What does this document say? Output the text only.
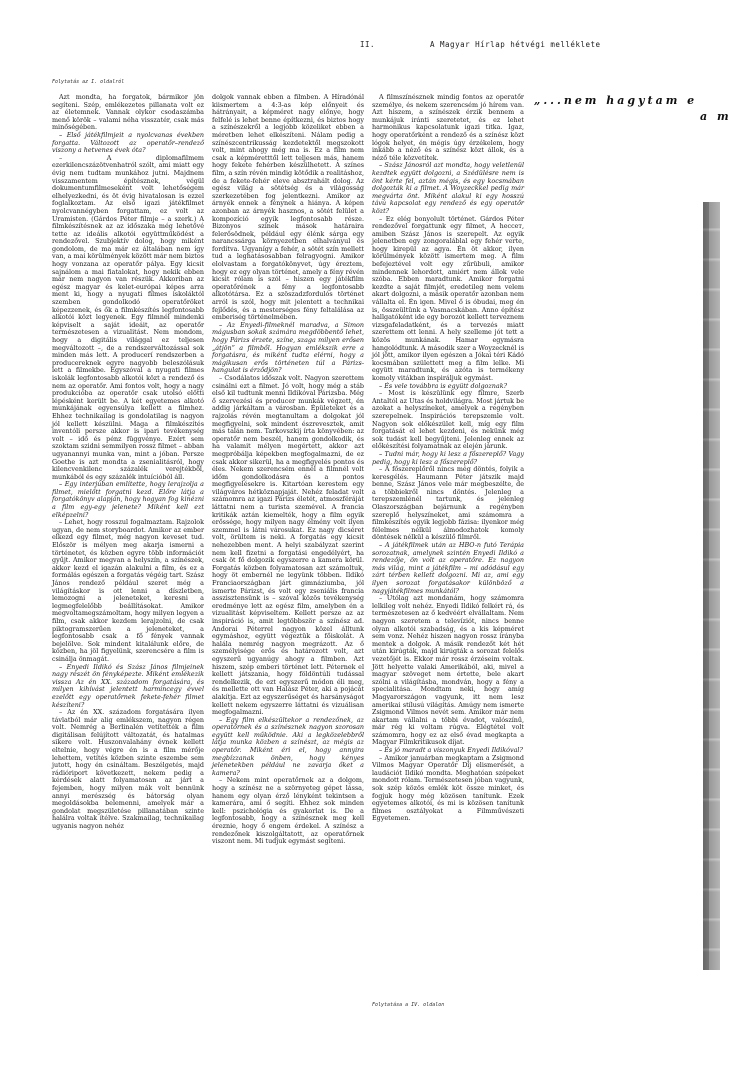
II.	A Magyar Hírlap hétvégi melléklete
Folytatás az I. oldalról

Azt mondta, ha forgatok, bármikor jön segíteni. Szép, emlékezetes pillanata volt ez az életemnek. Vannak olykor csodaszámba menő körök – valami néha visszatér, csak más minőségében.

– Első játékfilmjeit a nyolcvanas években forgatta. Változott az operatőr–rendező viszony a hetvenes évek óta?

– A diplomafilmem ezerkilencszázötvenhatról szólt, ami miatt egy évig nem tudtam munkához jutni. Majdnem visszamentem építésznek, végül dokumentumfilmeseként volt lehetőségem elhelyezkedni, és öt évig hivatalosan is ezzel foglalkoztam. Az első igazi játékfilmet nyolcvannégyben forgattam, ez volt az Uramisten. (Gárdos Péter filmje – a szerk.) A filmkészítésnek az az időszaka még lehetővé tette az ideális alkotói együttműködést a rendezővel. Szubjektív dolog, hogy miként gondolom, de ma már ez általában nem így van, a mai körülmények között már nem biztos hogy vonzana az operatőr pálya. Egy kicsit sajnálom a mai fiatalokat, hogy nekik ebben már nem nagyon van részük. Akkoriban az egész magyar és kelet-európai képes arra ment ki, hogy a nyugati filmes iskoláktól szemben gondolkodó operatőröket képezzenek, és ők a filmkészítés legfontosabb alkotói közt legyenek. Egy filmnél mindenki képviselt a saját ideáit, az operatőr természetesen a vizualitást. Nem mondom, hogy a digitális világgal ez teljesen megváltozott –, de a rendszerváltozással sok minden más lett. A producerí rendszerben a producereknek egyre nagyobb beleszólásuk lett a filmekbe. Egyszóval a nyugati filmes iskolák legfontosabb alkotói közt a rendező és nem az operatőr. Ami fontos volt, hogy a nagy produkcióba az operatőr csak utolsó előtti lépésként került be. A két egyetemes alkotó munkájának egyensúlya kellett a filmhez. Ehhez technikailag is gondolatilag is nagyon jól kellett készülni. Maga a filmkészítés inventóli persze akkor is ipari tevékenység volt – idő és pénz függvénye. Ezért sem szoktam szidni semmilyen rossz filmet – abban ugyanannyi munka van, mint a jóban. Persze Goethe is azt mondta a zsenialitásról, hogy kilencvenkilenc százalék verejtékből, munkából és egy százalék intuícióból áll.

– Egy interjúban említette, hogy lerajzolja a filmet, mielőtt forgatni kezd. Előre látja a forgatókönyv alapján, hogy hogyan fog kinézni a film egy-egy jelenete? Miként kell ezt elképzelni?

– Lehet, hogy rosszul fogalmaztam. Rajzolok ugyan, de nem storyboardot. Amikor az ember elkezd egy filmet, még nagyon keveset tud. Először is mélyen meg akarja ismerni a történetet, és közben egyre több információt gyűjt. Amikor megvan a helyszín, a színészek, akkor kezd el igazán alakulni a film, és ez a formálás egészen a forgatás végéig tart. Szász János rendező például szeret még a világításkor is ott lenni a díszletben, lemozogni a jeleneteket, keresni a legmegfelelőbb beállításokat. Amikor megvoltamegszámoltam, hogy milyen legyen a film, csak akkor kezdem lerajzolni, de csak piktogramszerűen a jeleneteket, a legfontosabb csak a fő fények vannak bejelölve. Sok mindent kitalálunk előre, de közben, ha jöl figyelünk, szerencsére a film is csinálja önmagát.

– Enyedi Ildikó és Szász János filmjeinek nagy részét ön fényképezte. Miként emlékezik vissza Az én XX. századom forgatására, és milyen kihívást jelentett harmincegy évvel ezelőtt egy operatőrnek fekete-fehér filmet készíteni?

– Az én XX. századom forgatására ilyen távlatból már alig emlékszem, nagyon régen volt. Nemrég a Berlinalén vetítették a film digitálisan felújított változatát, és hatalmas sikere volt. Huszonvalahány évnek kellett eltelnie, hogy végre én is a film mérője lehettem, vetítés közben szinte eszembe sem jutott, hogy én csináltam. Beszélgetés, majd rádióriport következett, nekem pedig a kérdések alatt folyamatosan az járt a fejemben, hogy milyen mák volt bennünk annyi merészség és bátorság olyan megoldásokba belemenni, amelyek már a gondolat megszületése pillanatában szinte halálra voltak ítélve. Szakmailag, technikailag ugyanis nagyon nehéz

dolgok vannak ebben a filmben. A Híradónál kiismertem a 4:3-as kép előnyeit és hátrányait, a képméret nagy előnye, hogy felfelé is lehet benne építkezni, és biztos hogy a színészekről a legjobb közeliket ebben a méretben lehet elkészíteni. Nálam pedig a színészcentrikusság kezdetektől megszokott volt, mint ahogy még ma is. Ez a film nem csak a képméretttől lett teljesen más, hanem hogy fekete fehérben készülhetett. A színes film, a szín révén mindig kötődik a realitáshoz, de a fekete-fehér eleve absztrahált dolog. Az egész világ a sötétség és a világosság szerkezetében fog jelentkezni. Amikor az árnyék ennek a fénynek a hiánya. A képen azonban az árnyék hasznos, a sötét felület a kompozíció egyik legfontosabb része. Bizonyos színek mások határaira felerősödnek, például egy élénk sárga egy narancssárga környezetben elhalványul és fordítva. Ugyanígy a fehér, a sötét szín mellett tud a leghatásosabban felragyogni. Amikor elolvastam a forgatókönyvet, úgy éreztem, hogy ez egy olyan történet, amely a fény révén kicsit rólam is szól – hiszen egy játékfilm operatőrének a fény a legfontosabb alkotótársa. Ez a szöszadzfordulós történet arról is szól, hogy mit jelentett a technikai fejlődés, és a mesterséges fény feltalálása az emberiség történelmében.

– Az Enyedi-filmeknél maradva, a Simon mágusban sokak számára megdöbbentő lehet, hogy Párizs érzete, színe, szaga milyen erősen „átjön” a filmből. Hogyan emlékszik erre a forgatásra, és miként tudta elérni, hogy a mágikusan erős történeten túl a Párizs-hangulat is érződjön?

– Csodálatos időszak volt. Nagyon szerettem csinálni ezt a filmet. Jó volt, hogy még a stáb első kil tudtunk menni Ildikóval Párizsba. Még ő szervezési és producer munkák végzett, én addig járkáltam a városban. Épületeket és a rajzolás révén megtanultam a dolgokat jól megfigyelni, sok mindent észrevesztek, amit más talán nem. Tarkovszkij írta könyvében: az operatőr nem beszél, hanem gondolkodik, és ha valamit mélyen megértett, akkor azt megpróbálja képekben megfogalmazni, de ez csak akkor sikerül, ha a megfigyelés pontos és éles. Nekem szerencsém ennél a filmnél volt időm gondolkodásra és a pontos megfigyelésekre is. Kitartóan kerestem egy világváros hétköznapjaját. Nehéz feladat volt számomra az igazi Párizs életét, atmoszféráját láttatni nem a turista szemével. A francia kritikák aztán kiemelték, hogy a film egyik erőssége, hogy milyen nagy élmény volt ilyen szemmel is látni városukat. Ez nagy dicséret volt, örültem is neki. A forgatás egy kicsit nehezebben ment. A helyi szabályzat szerint nem kell fizetni a forgatási engedélyért, ha csak öt fő dolgozik egyszerre a kamera körül. Forgatás közben folyamatosan azt számoltuk, hogy öt embernél ne legyünk többen. Ildikó Franciaországban járt gimnáziumba, jól ismerte Párizst, és volt egy zseniális francia asszisztensünk is – szóval közös tevékenység eredménye lett az egész film, amelyben én a vizualitást képviseltem. Kellett persze az az inspiráció is, amit legtöbbször a színész ad. Andorai Péterrel nagyon közel álltunk egymáshoz, együtt végeztük a főiskolát. A halála nemrég nagyon megrázott. Az ő személyisége erős és határozott volt, azt egyszerű ugyanúgy ahogy a filmben. Azt hiszem, szép emberi történet lett. Péternek el kellett játszania, hogy földöntúli tudással rendelkezik, de ezt egyszerű módon éli meg, és mellette ott van Halász Péter, aki a pojácát alakítja. Ezt az egyszerűséget és harsányságot kellett nekem egyszerre láttatni és vizuálisan megfogalmazni.

– Egy film elkészültekor a rendezőnek, az operatőrnek és a színésznek nagyon szorosan együtt kell működnie. Aki a legközelebbről látja munka közben a színészt, az mégis az operatőr. Miként éri el, hogy annyira megbízzanak önben, hogy kényes jelenetekben például ne zavarja őket a kamera?

– Nekem mint operatőrnek az a dolgom, hogy a színész ne a szörnyeteg gépet lássa, hanem egy olyan érző lényként tekintsen a kamerára, ami ő segíti. Ehhez sok minden kell: pszichológia és gyakorlat is. De a legfontosabb, hogy a színésznek meg kell éreznie, hogy ő engem érdekel. A színész a rendezőnek kiszolgáltatott, az operatőrnek viszont nem. Mi tudjuk egymást segíteni.

A filmszínésznek mindig fontos az operatőr személye, és nekem szerencsém jó hírem van. Azt hiszem, a színészek érzik bennem a munkájuk iránti szeretetet, és ez lehet harmonikus kapcsolatunk igazi titka. Igaz, hogy operatőrként a rendező és a színész közt lógok helyet, én mégis úgy érzékelem, hogy inkább a néző és a színész közt állok, és a néző téle közvetítek.

– Szász Jánosról azt mondta, hogy veletlenül kezdtek együtt dolgozni, a Szédülésre nem is önt kérte fel, aztán mégis, és egy kocsmában dolgozták ki a filmet. A Woyzeckkel pedig már megvárta önt. Miként alakul ki egy hosszú távú kapcsolat egy rendező és egy operatőr közt?

– Ez elég bonyolult történet. Gárdos Péter rendezővel forgattunk egy filmet, A hecceт, amiben Szász János is szerepelt. Az egyik jelenetben egy zongoraláblal egy fehér verte, hogy kirepül az agya. Én öt akkor, ilyen körülmények között ismertem meg. A film befejeztével volt egy zűrübuli, amikor mindennek lehordott, amiért nem állok vele szóba. Ebben maradtunk. Amikor forgatni kezdte a saját filmjét, eredetileg nem velem akart dolgozni, a másik operatőr azonban nem vállalta el. Én igen. Mivel ő is óbudai, meg én is, összeültünk a Vasmacskában. Anno építész hallgatóként ide egy borozót kellett terveznem vizsgafeladatként, és a tervezés miatt szerettem ott lenni. A hely szellemе jót tett a közös munkának. Hamar egymásra hangolódtunk. A második szer a Woyzecknél is jól jött, amikor ilyen egészen a Jókai téri Kádó kocsmában születtett meg a film lelke. Mi együtt maradtunk, és azóta is termékeny komoly vitákban inspiráljuk egymást.

– És vele továbbra is együtt dolgoznak?

– Most is készülünk egy filmre, Szerb Antaltól az Utas és holdvilágra. Most jártuk be azokat a helyszíneket, amelyek a regényben szerepelnek. Inspirációs terepszemle volt. Nagyon sok előkészület kell, míg egy film forgatását el lehet kezdeni, és nekünk még sok tudást kell begyűjteni. Jelenleg ennek az előkészítési folyamatnak az elején járunk.

– Tudni már, hogy ki lesz a főszereplő? Vagy pedig, hogy ki lesz a főszereplő?

– A főszereplőről nincs még döntés, folyik a keresgélés. Haumann Péter játszik majd benne, Szász János vele már megbeszélte, de a többiekről nincs döntés. Jelenleg a terepszemlénél tartunk, és jelenleg Olaszországban bejárnunk a regényben szereplő helyszíneket, ami számomra a filmkészítés egyik legjobb fázisa: ilyenkor még félelmes nélkül álmodozhatok komoly döntések nélkül a készülő filmről.

– A játékfilmek után az HBO-n futó Terápia sorozatnak, amelynek szintén Enyedi Ildikó a rendezője, ön volt az operatőre. Ez nagyon más világ, mint a játékfilm – mi adódásul egy zárt térben kellett dolgozni. Mi az, ami egy ilyen sorozat forgatásakor különböző a nagyjátékfilmes munkától?

– Utólag azt mondanám, hogy számomra lelkileg volt nehéz. Enyedi Ildikó felkért rá, és természetesen az ő kedvéért elvállaltam. Nem nagyon szeretem a televíziót, nincs benne olyan alkotói szabadság, és a kis képméret sem vonz. Nehéz hiszen nagyon rossz irányba mentek a dolgok. A másik rendezőt két hét után kirúgták, majd kirúgták a sorozat felelős vezetőjét is. Ekkor már rossz érzéseim voltak. Jött helyette valaki Amerikából, aki, mivel a magyar szöveget nem értette, bele akart szólni a világításba, mondván, hogy a fény a specialitása. Mondtam neki, hogy amíg Magyarországon vagyunk, itt nem lesz amerikai stílusú világítás. Amúgy nem ismerte Zsigmond Vilmos nevét sem. Amikor már nem akartam vállalni a többi évadot, valószínű, már rég ki voltam rúgva. Elégtétel volt számomra, hogy ez az első évad megkapta a Magyar Filmkritikusok díjat.

– És jó maradt a viszonyuk Enyedi Ildikóval?

– Amikor januárban megkaptam a Zsigmond Vilmos Magyar Operatőr Díj elismerését, a laudációt Ildikó mondta. Meghatóan szépeket mondott rólam. Természetesen jóban vagyunk, sok szép közös emlék köt össze minket, és fogjuk hogy még közösen tanítunk. Ezek egyetemes alkotói, és mi is közösen tanítunk filmes osztályokat a Filmművészeti Egyetemen.

Folytatása a IV. oldalon
„...nem hagytam e
a m
